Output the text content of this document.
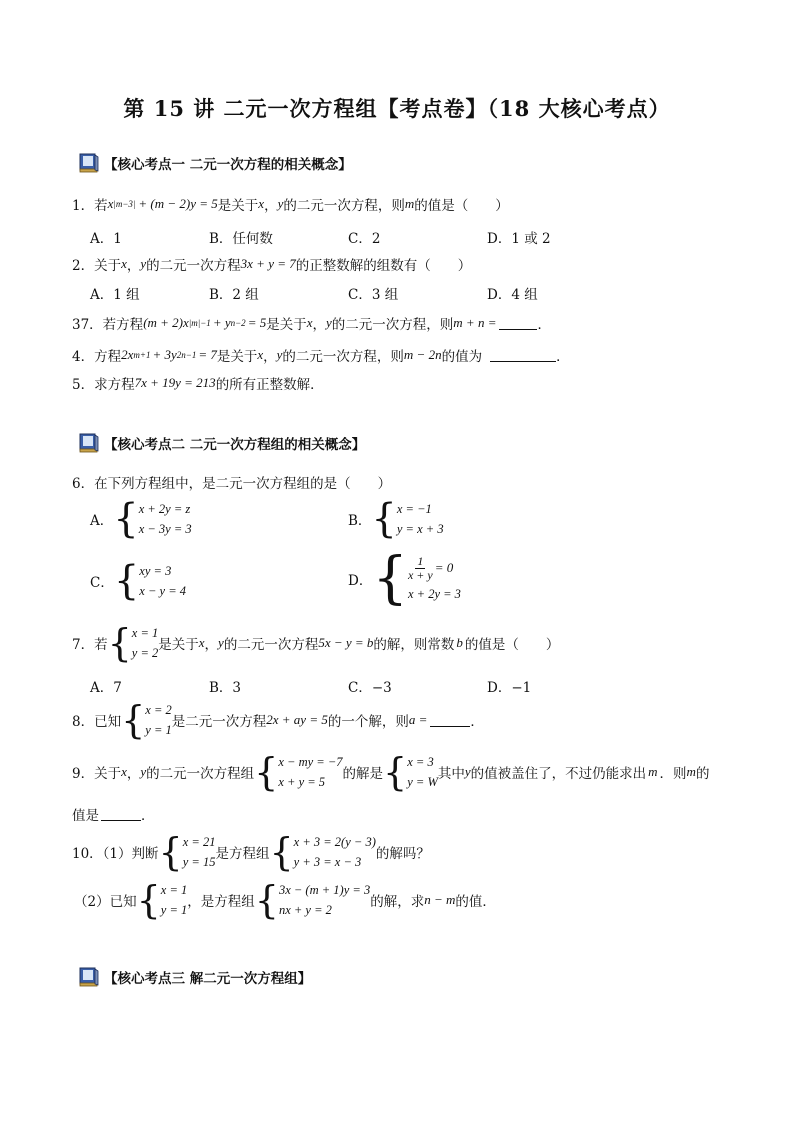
第 15 讲 二元一次方程组【考点卷】（18 大核心考点）
【核心考点一 二元一次方程的相关概念】
1．若 x |m−3| + (m − 2)y = 5 是关于 x ， y 的二元一次方程，则 m 的值是（　　）
A．1	B．任何数	C．2	D．1 或 2
2．关于 x ， y 的二元一次方程 3x + y = 7 的正整数解的组数有（　　）
A．1 组	B．2 组	C．3 组	D．4 组
37．若方程 (m + 2)x |m|−1 + y n−2 = 5 是关于 x ， y 的二元一次方程，则 m + n =	．
4．方程 2x m+1 + 3y 2n−1 = 7 是关于 x ， y 的二元一次方程，则 m − 2n 的值为	．
5．求方程 7x + 19y = 213 的所有正整数解．
【核心考点二 二元一次方程组的相关概念】
6．在下列方程组中，是二元一次方程组的是（　　）
A． { x + 2y = z
x − 3y = 3	B． { x = −1
y = x + 3
C． { xy = 3
x − y = 4
D． { $\frac{1}{x + y} = 0$
x + 2y = 3
7．若 { x = 1
y = 2 是关于 x ， y 的二元一次方程 5x − y = b 的解，则常数 b 的值是（　　）
A．7	B．3	C．−3	D．−1
8．已知 { x = 2
y = 1 是二元一次方程 2x + ay = 5 的一个解，则 a =	．
9．关于 x ， y 的二元一次方程组 { x − my = −7
x + y = 5	的解是 { x = 3
y = W 其中 y 的值被盖住了，不过仍能求出 m ．则 m 的
值是	．
10．（1）判断 { x = 21
y = 15 是方程组 { x + 3 = 2(y − 3)
y + 3 = x − 3	的解吗？
（2）已知 { x = 1
y = 1 ，是方程组 { 3x − (m + 1)y = 3
nx + y = 2	的解，求 n − m 的值．
【核心考点三 解二元一次方程组】
